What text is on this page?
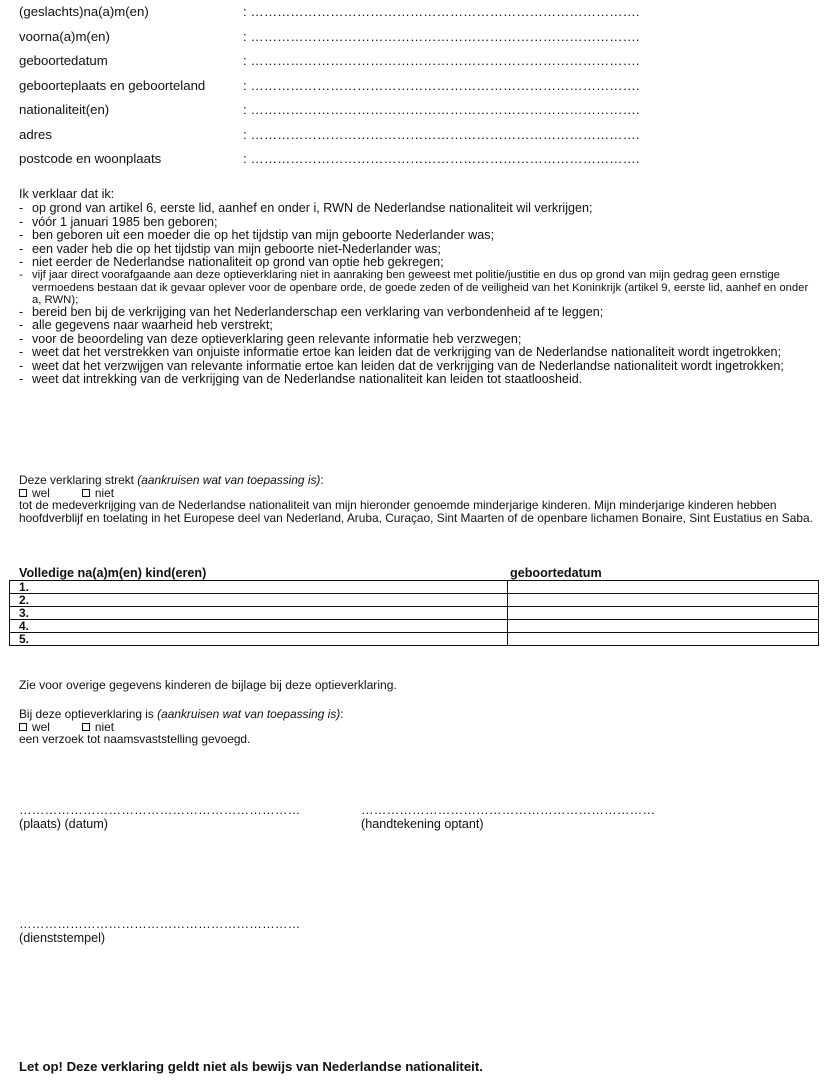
(geslachts)na(a)m(en)	: …………………………………………………………………………….
voorna(a)m(en)	: …………………………………………………………………………….
geboortedatum	: …………………………………………………………………………….
geboorteplaats en geboorteland	: …………………………………………………………………………….
nationaliteit(en)	: …………………………………………………………………………….
adres	: …………………………………………………………………………….
postcode en woonplaats	: …………………………………………………………………………….

Ik verklaar dat ik:

- op grond van artikel 6, eerste lid, aanhef en onder i, RWN de Nederlandse nationaliteit wil verkrijgen;
- vóór 1 januari 1985 ben geboren;
- ben geboren uit een moeder die op het tijdstip van mijn geboorte Nederlander was;
- een vader heb die op het tijdstip van mijn geboorte niet-Nederlander was;
- niet eerder de Nederlandse nationaliteit op grond van optie heb gekregen;
- vijf jaar direct voorafgaande aan deze optieverklaring niet in aanraking ben geweest met politie/justitie en dus op grond van mijn gedrag geen ernstige vermoedens bestaan dat ik gevaar oplever voor de openbare orde, de goede zeden of de veiligheid van het Koninkrijk (artikel 9, eerste lid, aanhef en onder a, RWN);
- bereid ben bij de verkrijging van het Nederlanderschap een verklaring van verbondenheid af te leggen;
- alle gegevens naar waarheid heb verstrekt;
- voor de beoordeling van deze optieverklaring geen relevante informatie heb verzwegen;
- weet dat het verstrekken van onjuiste informatie ertoe kan leiden dat de verkrijging van de Nederlandse nationaliteit wordt ingetrokken;
- weet dat het verzwijgen van relevante informatie ertoe kan leiden dat de verkrijging van de Nederlandse nationaliteit wordt ingetrokken;
- weet dat intrekking van de verkrijging van de Nederlandse nationaliteit kan leiden tot staatloosheid.
Deze verklaring strekt (aankruisen wat van toepassing is):
wel	niet
tot de medeverkrijging van de Nederlandse nationaliteit van mijn hieronder genoemde minderjarige kinderen. Mijn minderjarige kinderen hebben hoofdverblijf en toelating in het Europese deel van Nederland, Aruba, Curaçao, Sint Maarten of de openbare lichamen Bonaire, Sint Eustatius en Saba.
Volledige na(a)m(en) kind(eren)	geboortedatum
1.	
2.	
3.	
4.	
5.	
Zie voor overige gegevens kinderen de bijlage bij deze optieverklaring.
Bij deze optieverklaring is (aankruisen wat van toepassing is):
wel	niet
een verzoek tot naamsvaststelling gevoegd.
…………………………………………………………
(plaats) (datum)
……………………………………………………………
(handtekening optant)
…………………………………………………………
(dienststempel)
Let op! Deze verklaring geldt niet als bewijs van Nederlandse nationaliteit.
